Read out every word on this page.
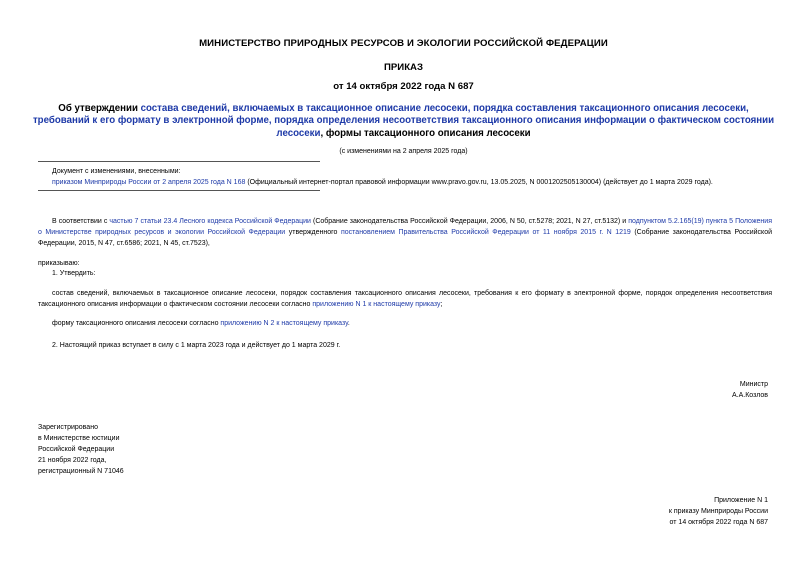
МИНИСТЕРСТВО ПРИРОДНЫХ РЕСУРСОВ И ЭКОЛОГИИ РОССИЙСКОЙ ФЕДЕРАЦИИ
ПРИКАЗ
от 14 октября 2022 года N 687
Об утверждении состава сведений, включаемых в таксационное описание лесосеки, порядка составления таксационного описания лесосеки, требований к его формату в электронной форме, порядка определения несоответствия таксационного описания информации о фактическом состоянии лесосеки, формы таксационного описания лесосеки
(с изменениями на 2 апреля 2025 года)
Документ с изменениями, внесенными:
приказом Минприроды России от 2 апреля 2025 года N 168 (Официальный интернет-портал правовой информации www.pravo.gov.ru, 13.05.2025, N 0001202505130004) (действует до 1 марта 2029 года).
В соответствии с частью 7 статьи 23.4 Лесного кодекса Российской Федерации (Собрание законодательства Российской Федерации, 2006, N 50, ст.5278; 2021, N 27, ст.5132) и подпунктом 5.2.165(19) пункта 5 Положения о Министерстве природных ресурсов и экологии Российской Федерации утвержденного постановлением Правительства Российской Федерации от 11 ноября 2015 г. N 1219 (Собрание законодательства Российской Федерации, 2015, N 47, ст.6586; 2021, N 45, ст.7523),
приказываю:
1. Утвердить:
состав сведений, включаемых в таксационное описание лесосеки, порядок составления таксационного описания лесосеки, требования к его формату в электронной форме, порядок определения несоответствия таксационного описания информации о фактическом состоянии лесосеки согласно приложению N 1 к настоящему приказу;
форму таксационного описания лесосеки согласно приложению N 2 к настоящему приказу.
2. Настоящий приказ вступает в силу с 1 марта 2023 года и действует до 1 марта 2029 г.
Министр
А.А.Козлов
Зарегистрировано
в Министерстве юстиции
Российской Федерации
21 ноября 2022 года,
регистрационный N 71046
Приложение N 1
к приказу Минприроды России
от 14 октября 2022 года N 687
